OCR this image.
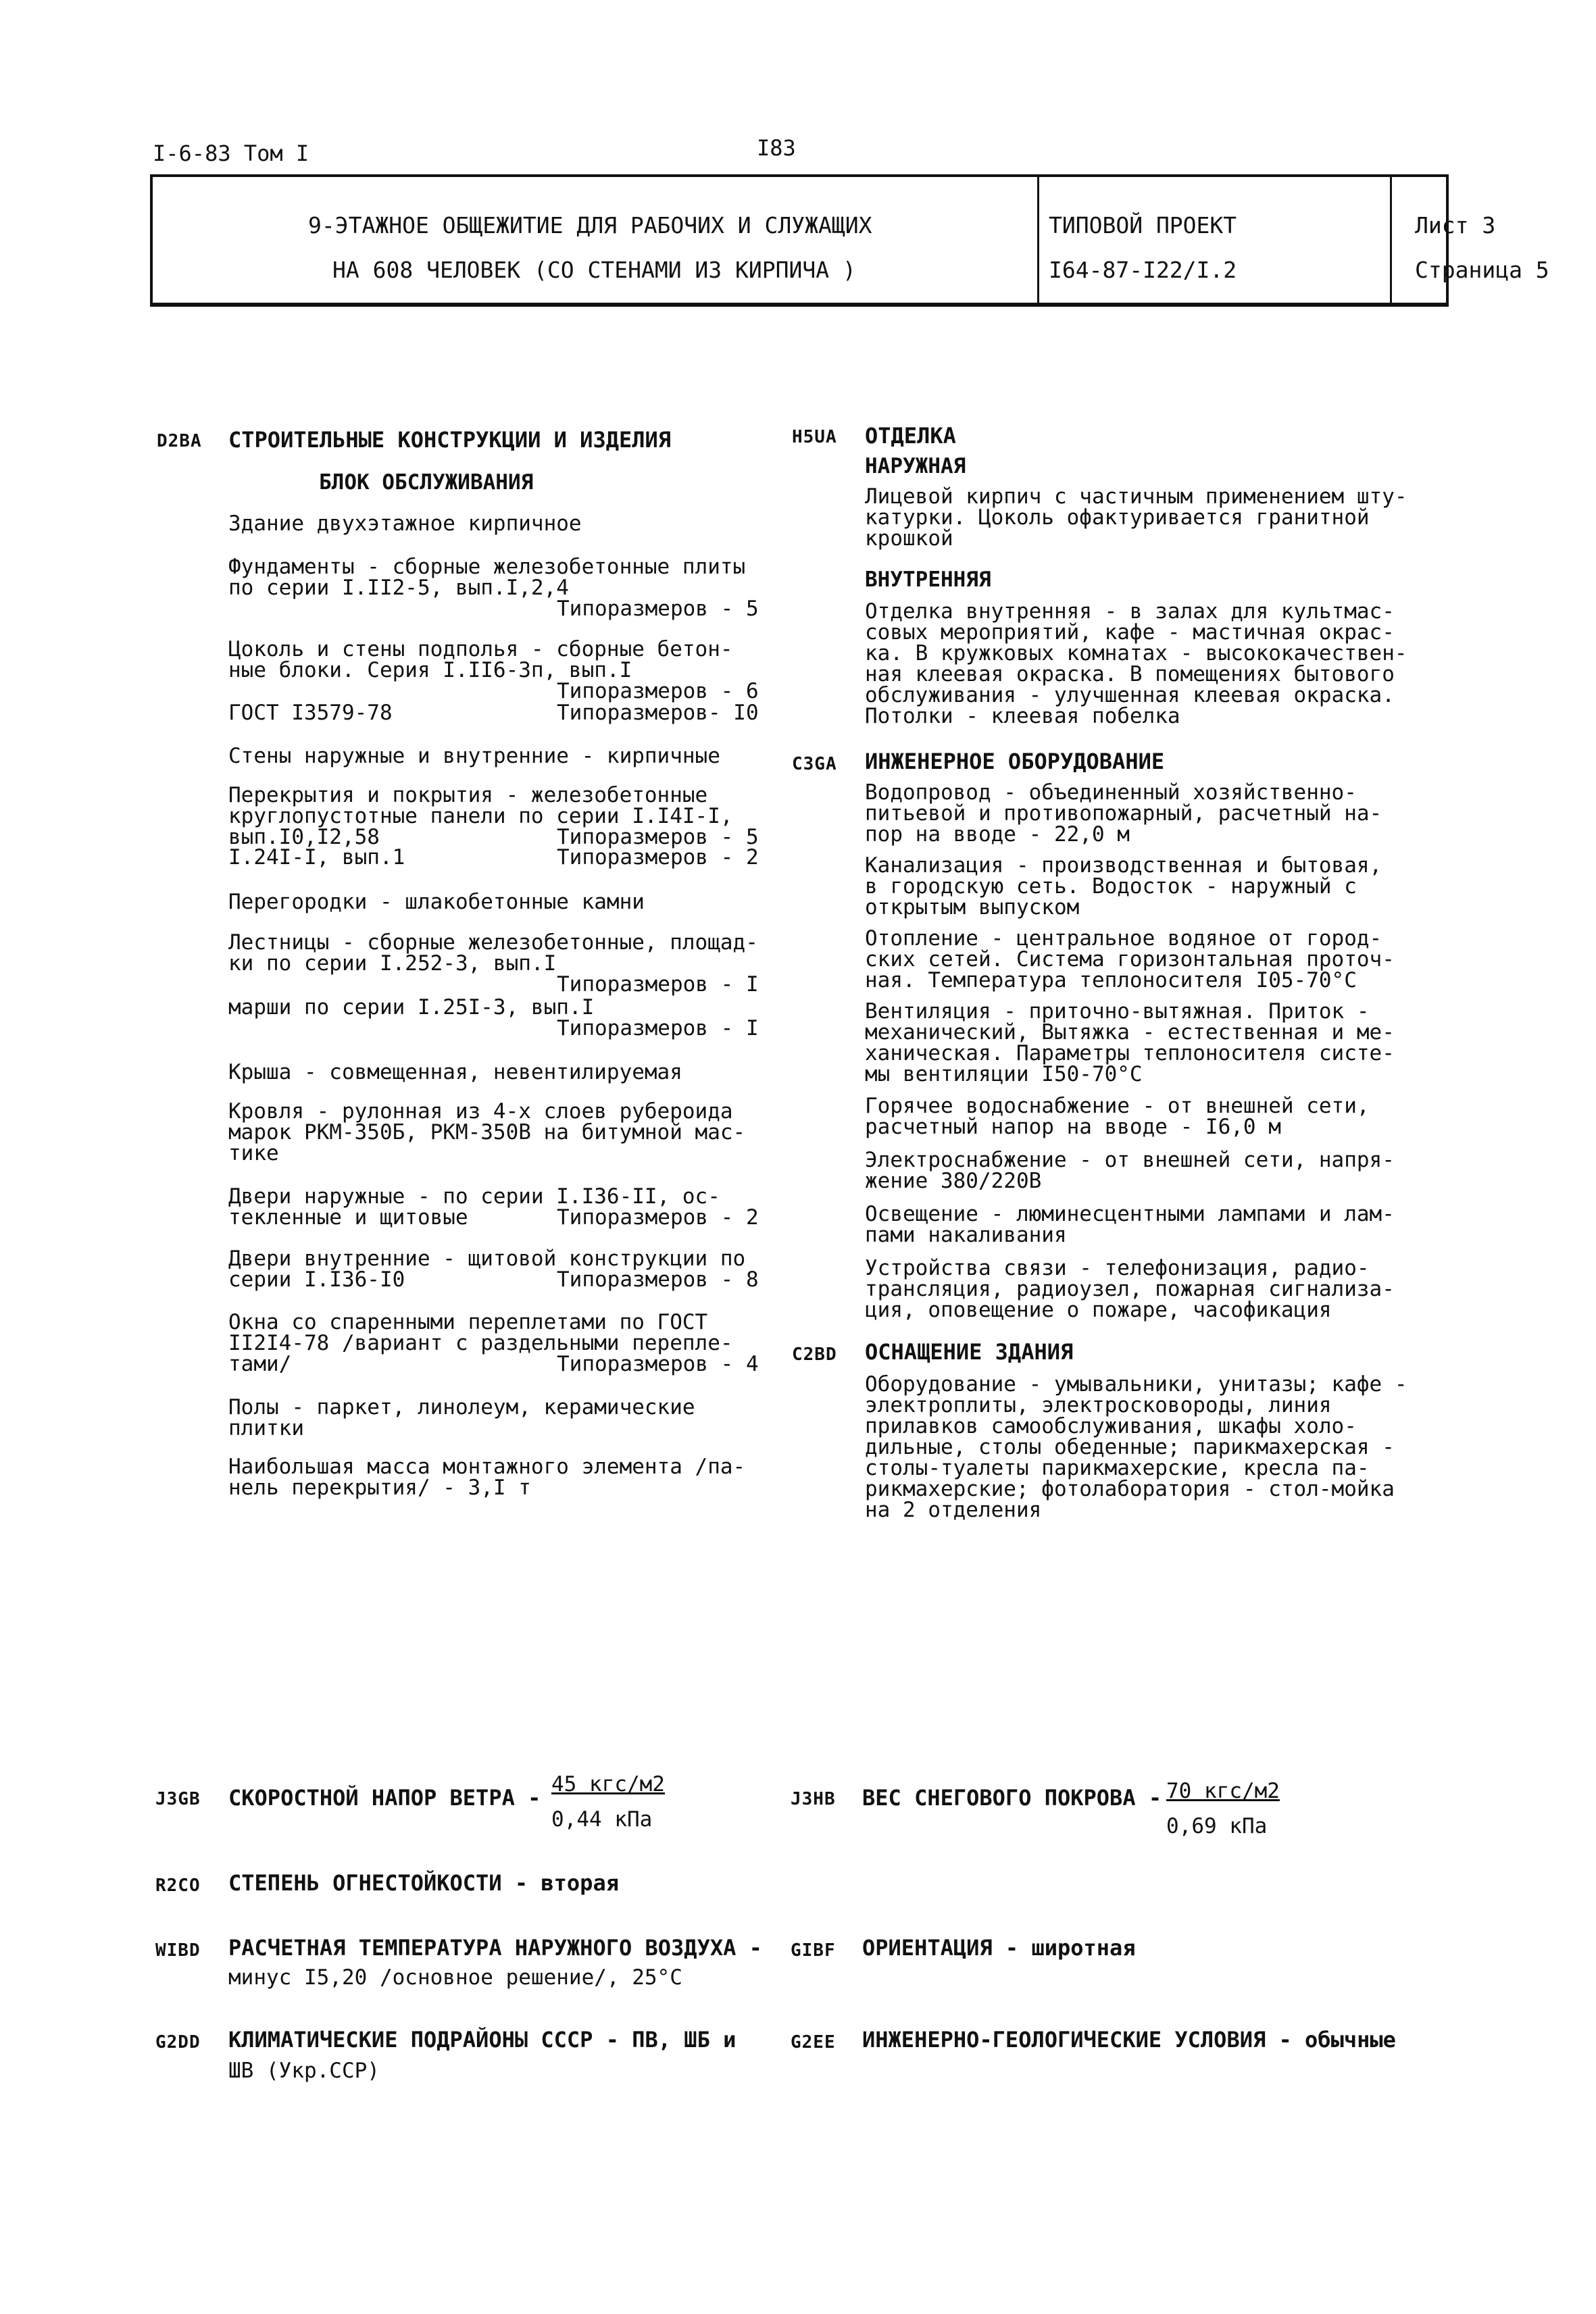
I-6-83 Том I	I83
9-ЭТАЖНОЕ ОБЩЕЖИТИЕ ДЛЯ РАБОЧИХ И СЛУЖАЩИХ
НА 608 ЧЕЛОВЕК (СО СТЕНАМИ ИЗ КИРПИЧА )
ТИПОВОЙ ПРОЕКТ
I64-87-I22/I.2
Лист 3
Страница 5
D2BA СТРОИТЕЛЬНЫЕ КОНСТРУКЦИИ И ИЗДЕЛИЯ
БЛОК ОБСЛУЖИВАНИЯ
Здание двухэтажное кирпичное
Фундаменты - сборные железобетонные плиты
по серии I.II2-5, вып.I,2,4
Типоразмеров - 5
Цоколь и стены подполья - сборные бетон-
ные блоки. Серия I.II6-3п, вып.I
Типоразмеров - 6
ГОСТ I3579-78	Типоразмеров- I0
Стены наружные и внутренние - кирпичные
Перекрытия и покрытия - железобетонные
круглопустотные панели по серии I.I4I-I,
вып.I0,I2,58	Типоразмеров - 5
I.24I-I, вып.1	Типоразмеров - 2
Перегородки - шлакобетонные камни
Лестницы - сборные железобетонные, площад-
ки по серии I.252-3, вып.I
Типоразмеров - I
марши по серии I.25I-3, вып.I
Типоразмеров - I
Крыша - совмещенная, невентилируемая
Кровля - рулонная из 4-х слоев рубероида
марок РКМ-350Б, РКМ-350В на битумной мас-
тике
Двери наружные - по серии I.I36-II, ос-
текленные и щитовые	Типоразмеров - 2
Двери внутренние - щитовой конструкции по
серии I.I36-I0	Типоразмеров - 8
Окна со спаренными переплетами по ГОСТ
II2I4-78 /вариант с раздельными перепле-
тами/	Типоразмеров - 4
Полы - паркет, линолеум, керамические
плитки
Наибольшая масса монтажного элемента /па-
нель перекрытия/ - 3,I т
H5UA ОТДЕЛКА
НАРУЖНАЯ
Лицевой кирпич с частичным применением шту-
катурки. Цоколь офактуривается гранитной
крошкой
ВНУТРЕННЯЯ
Отделка внутренняя - в залах для культмас-
совых мероприятий, кафе - мастичная окрас-
ка. В кружковых комнатах - высококачествен-
ная клеевая окраска. В помещениях бытового
обслуживания - улучшенная клеевая окраска.
Потолки - клеевая побелка
C3GA ИНЖЕНЕРНОЕ ОБОРУДОВАНИЕ
Водопровод - объединенный хозяйственно-
питьевой и противопожарный, расчетный на-
пор на вводе - 22,0 м
Канализация - производственная и бытовая,
в городскую сеть. Водосток - наружный с
открытым выпуском
Отопление - центральное водяное от город-
ских сетей. Система горизонтальная проточ-
ная. Температура теплоносителя I05-70°С
Вентиляция - приточно-вытяжная. Приток -
механический, Вытяжка - естественная и ме-
ханическая. Параметры теплоносителя систе-
мы вентиляции I50-70°С
Горячее водоснабжение - от внешней сети,
расчетный напор на вводе - I6,0 м
Электроснабжение - от внешней сети, напря-
жение 380/220В
Освещение - люминесцентными лампами и лам-
пами накаливания
Устройства связи - телефонизация, радио-
трансляция, радиоузел, пожарная сигнализа-
ция, оповещение о пожаре, часофикация
C2BD ОСНАЩЕНИЕ ЗДАНИЯ
Оборудование - умывальники, унитазы; кафе -
электроплиты, электросковороды, линия
прилавков самообслуживания, шкафы холо-
дильные, столы обеденные; парикмахерская -
столы-туалеты парикмахерские, кресла па-
рикмахерские; фотолаборатория - стол-мойка
на 2 отделения
J3GB СКОРОСТНОЙ НАПОР ВЕТРА -
45 кгс/м2
0,44 кПа
J3HB ВЕС СНЕГОВОГО ПОКРОВА - 70 кгс/м2
0,69 кПа
R2CO СТЕПЕНЬ ОГНЕСТОЙКОСТИ - вторая
WIBD РАСЧЕТНАЯ ТЕМПЕРАТУРА НАРУЖНОГО ВОЗДУХА -
минус I5,20 /основное решение/, 25°С
GIBF ОРИЕНТАЦИЯ - широтная
G2DD КЛИМАТИЧЕСКИЕ ПОДРАЙОНЫ СССР - ПВ, ШБ и
ШВ (Укр.ССР)
G2EE ИНЖЕНЕРНО-ГЕОЛОГИЧЕСКИЕ УСЛОВИЯ - обычные
